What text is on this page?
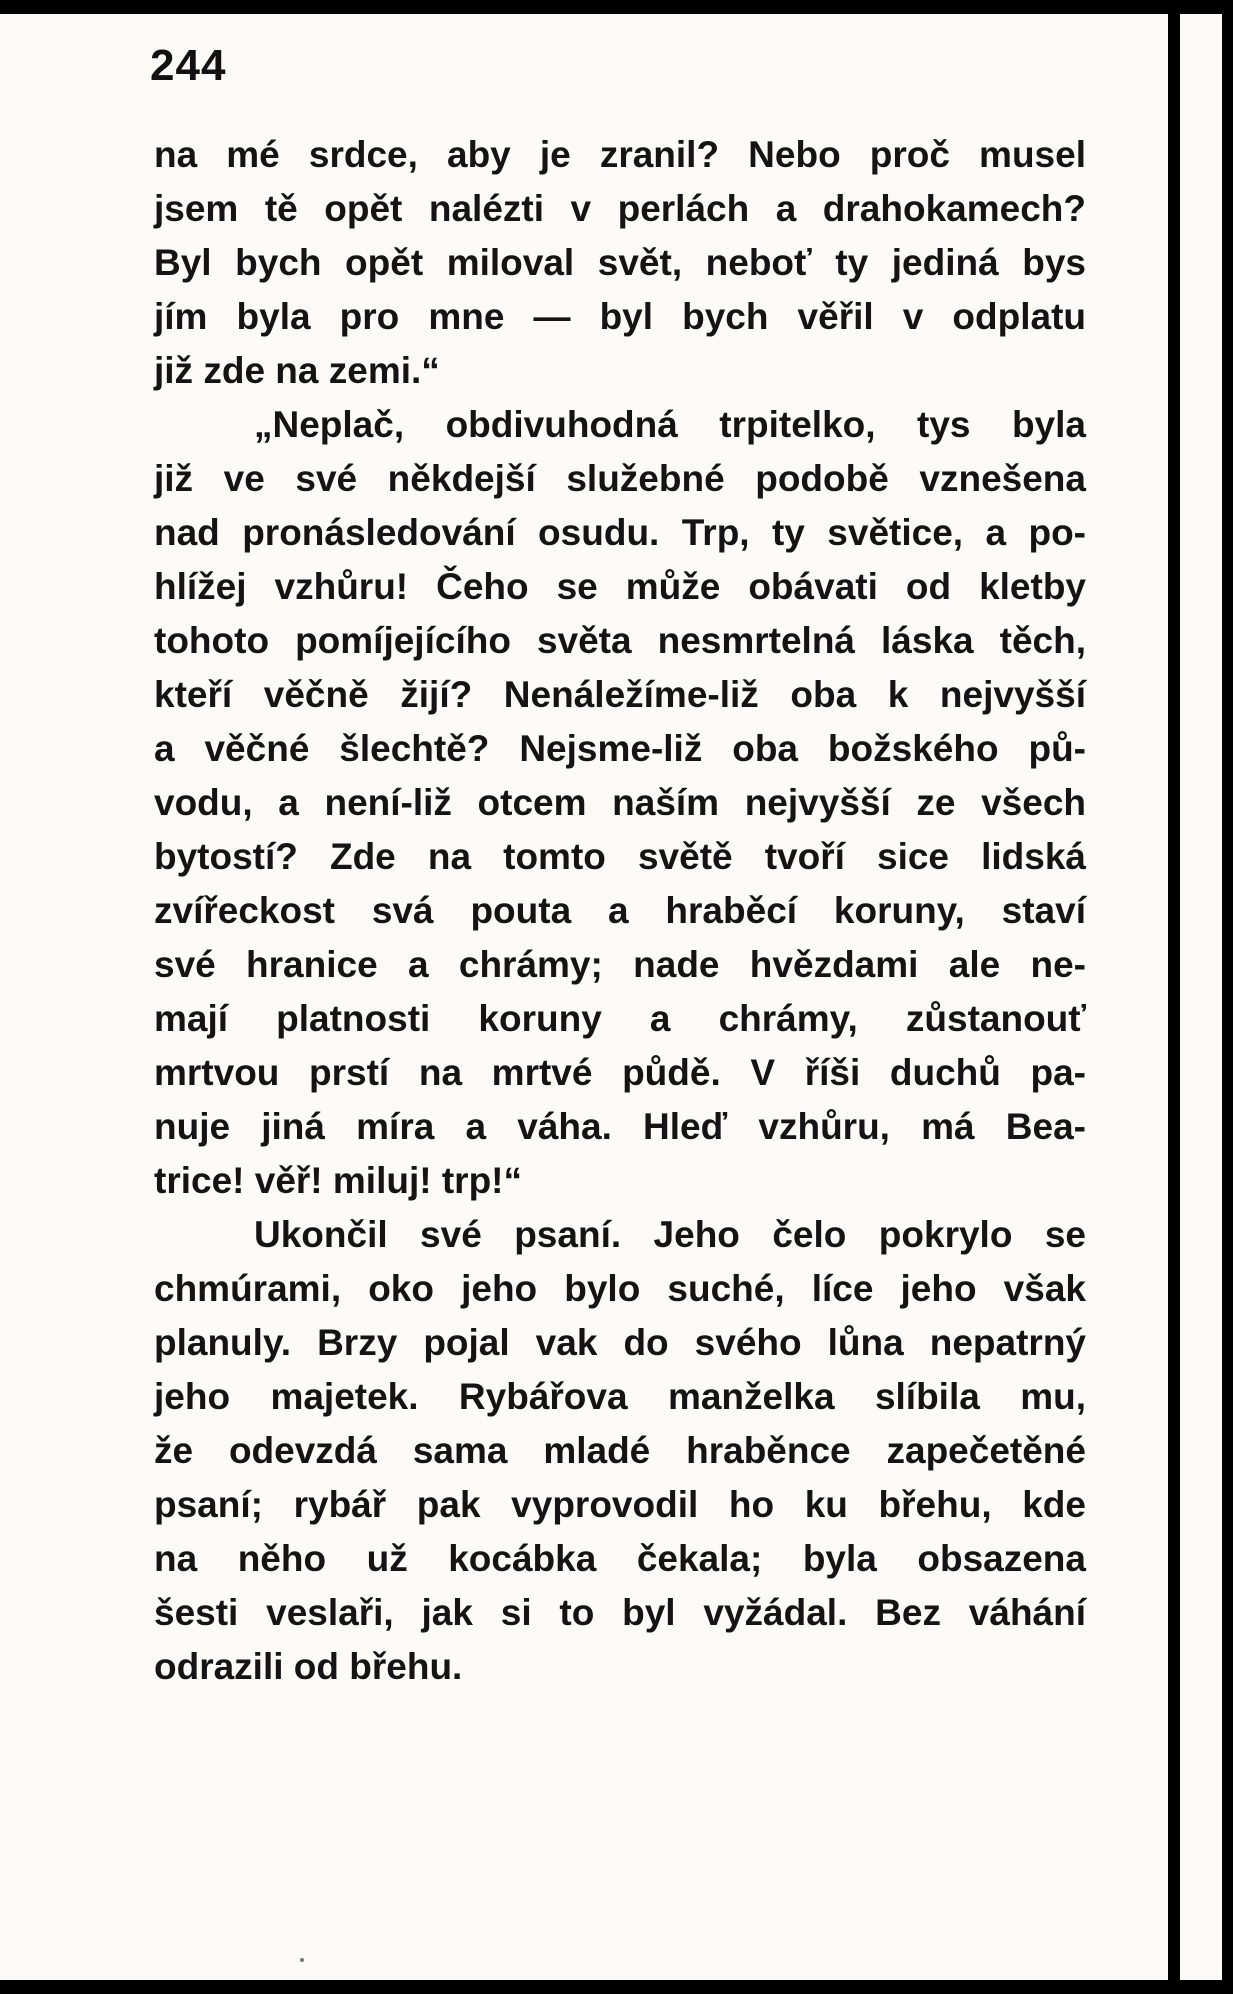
244
na mé srdce, aby je zranil? Nebo proč musel
jsem tě opět nalézti v perlách a drahokamech?
Byl bych opět miloval svět, neboť ty jediná bys
jím byla pro mne — byl bych věřil v odplatu
již zde na zemi.“
„Neplač, obdivuhodná trpitelko, tys byla
již ve své někdejší služebné podobě vznešena
nad pronásledování osudu. Trp, ty světice, a po-
hlížej vzhůru! Čeho se může obávati od kletby
tohoto pomíjejícího světa nesmrtelná láska těch,
kteří věčně žijí? Nenáležíme-liž oba k nejvyšší
a věčné šlechtě? Nejsme-liž oba božského pů-
vodu, a není-liž otcem naším nejvyšší ze všech
bytostí? Zde na tomto světě tvoří sice lidská
zvířeckost svá pouta a hraběcí koruny, staví
své hranice a chrámy; nade hvězdami ale ne-
mají platnosti koruny a chrámy, zůstanouť
mrtvou prstí na mrtvé půdě. V říši duchů pa-
nuje jiná míra a váha. Hleď vzhůru, má Bea-
trice! věř! miluj! trp!“
Ukončil své psaní. Jeho čelo pokrylo se
chmúrami, oko jeho bylo suché, líce jeho však
planuly. Brzy pojal vak do svého lůna nepatrný
jeho majetek. Rybářova manželka slíbila mu,
že odevzdá sama mladé hraběnce zapečetěné
psaní; rybář pak vyprovodil ho ku břehu, kde
na něho už kocábka čekala; byla obsazena
šesti veslaři, jak si to byl vyžádal. Bez váhání
odrazili od břehu.
